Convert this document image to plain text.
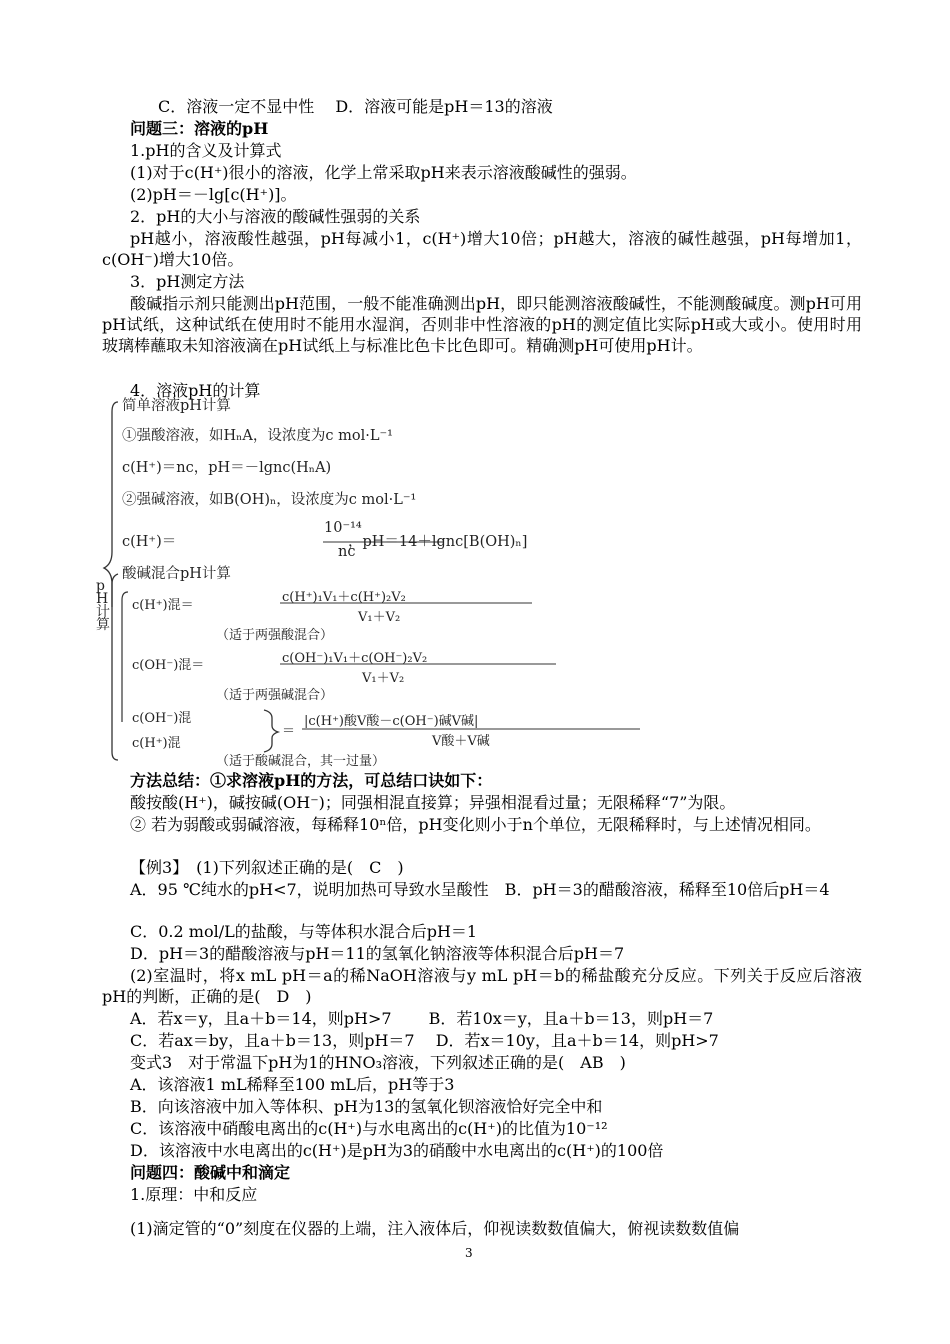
C．溶液一定不显中性　 D．溶液可能是pH＝13的溶液
问题三：溶液的pH
1.pH的含义及计算式
(1)对于c(H⁺)很小的溶液，化学上常采取pH来表示溶液酸碱性的强弱。
(2)pH＝－lg[c(H⁺)]。
2．pH的大小与溶液的酸碱性强弱的关系
pH越小，溶液酸性越强，pH每减小1，c(H⁺)增大10倍；pH越大，溶液的碱性越强，pH每增加1，c(OH⁻)增大10倍。
3．pH测定方法
酸碱指示剂只能测出pH范围，一般不能准确测出pH，即只能测溶液酸碱性，不能测酸碱度。测pH可用pH试纸，这种试纸在使用时不能用水湿润，否则非中性溶液的pH的测定值比实际pH或大或小。使用时用玻璃棒蘸取未知溶液滴在pH试纸上与标准比色卡比色即可。精确测pH可使用pH计。
4．溶液pH的计算
pH计算
简单溶液pH计算
①强酸溶液，如HₙA，设浓度为c mol·L⁻¹
c(H⁺)＝nc，pH＝－lgnc(HₙA)
②强碱溶液，如B(OH)ₙ，设浓度为c mol·L⁻¹
c(H⁺)＝
10⁻¹⁴
nc
，pH＝14＋lgnc[B(OH)ₙ]
酸碱混合pH计算
c(H⁺)混＝
c(H⁺)₁V₁＋c(H⁺)₂V₂
V₁＋V₂
（适于两强酸混合）
c(OH⁻)混＝	c(OH⁻)₁V₁＋c(OH⁻)₂V₂
V₁＋V₂
（适于两强碱混合）
c(OH⁻)混
c(H⁺)混
＝
|c(H⁺)酸V酸－c(OH⁻)碱V碱|
V酸＋V碱
（适于酸碱混合，其一过量）
方法总结：①求溶液pH的方法，可总结口诀如下：
酸按酸(H⁺)，碱按碱(OH⁻)；同强相混直接算；异强相混看过量；无限稀释“7”为限。
② 若为弱酸或弱碱溶液，每稀释10ⁿ倍，pH变化则小于n个单位，无限稀释时，与上述情况相同。
【例3】　(1)下列叙述正确的是(　C　)
A．95 ℃纯水的pH<7，说明加热可导致水呈酸性　B．pH＝3的醋酸溶液，稀释至10倍后pH＝4
C．0.2 mol/L的盐酸，与等体积水混合后pH＝1
D．pH＝3的醋酸溶液与pH＝11的氢氧化钠溶液等体积混合后pH＝7
(2)室温时，将x mL pH＝a的稀NaOH溶液与y mL pH＝b的稀盐酸充分反应。下列关于反应后溶液pH的判断，正确的是(　D　)
A．若x＝y，且a＋b＝14，则pH>7　　 B．若10x＝y，且a＋b＝13，则pH＝7
C．若ax＝by，且a＋b＝13，则pH＝7　 D．若x＝10y，且a＋b＝14，则pH>7
变式3　对于常温下pH为1的HNO₃溶液，下列叙述正确的是(　AB　)
A．该溶液1 mL稀释至100 mL后，pH等于3
B．向该溶液中加入等体积、pH为13的氢氧化钡溶液恰好完全中和
C．该溶液中硝酸电离出的c(H⁺)与水电离出的c(H⁺)的比值为10⁻¹²
D．该溶液中水电离出的c(H⁺)是pH为3的硝酸中水电离出的c(H⁺)的100倍
问题四：酸碱中和滴定
1.原理：中和反应
(1)滴定管的“0”刻度在仪器的上端，注入液体后，仰视读数数值偏大，俯视读数数值偏
3
